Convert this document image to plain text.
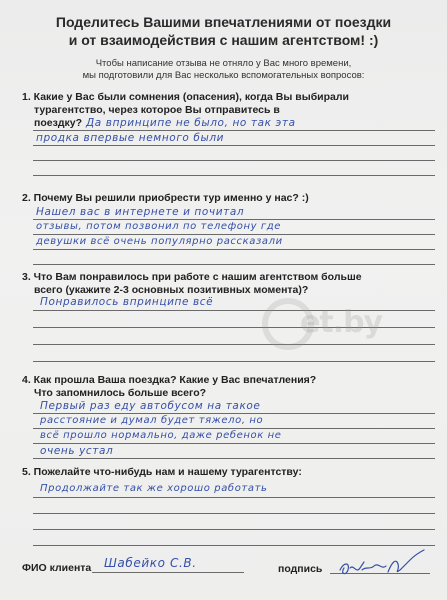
Поделитесь Вашими впечатлениями от поездки
и от взаимодействия с нашим агентством! :)
Чтобы написание отзыва не отняло у Вас много времени,
мы подготовили для Вас несколько вспомогательных вопросов:
1. Какие у Вас были сомнения (опасения), когда Вы выбирали
турагентство, через которое Вы отправитесь в
поездку? Да впринципе не было, но так эта
продка впервые немного были
2. Почему Вы решили приобрести тур именно у нас? :)
Нашел вас в интернете и почитал
отзывы, потом позвонил по телефону где
девушки всё очень популярно рассказали
3. Что Вам понравилось при работе с нашим агентством больше
всего (укажите 2-3 основных позитивных момента)?
Понравилось впринципе всё
4. Как прошла Ваша поездка? Какие у Вас впечатления?
Что запомнилось больше всего?
Первый раз еду автобусом на такое
расстояние и думал будет тяжело, но
всё прошло нормально, даже ребенок не
очень устал
5. Пожелайте что-нибудь нам и нашему турагентству:
Продолжайте так же хорошо работать
ФИО клиента Шабейко С.В.	подпись
et.by
